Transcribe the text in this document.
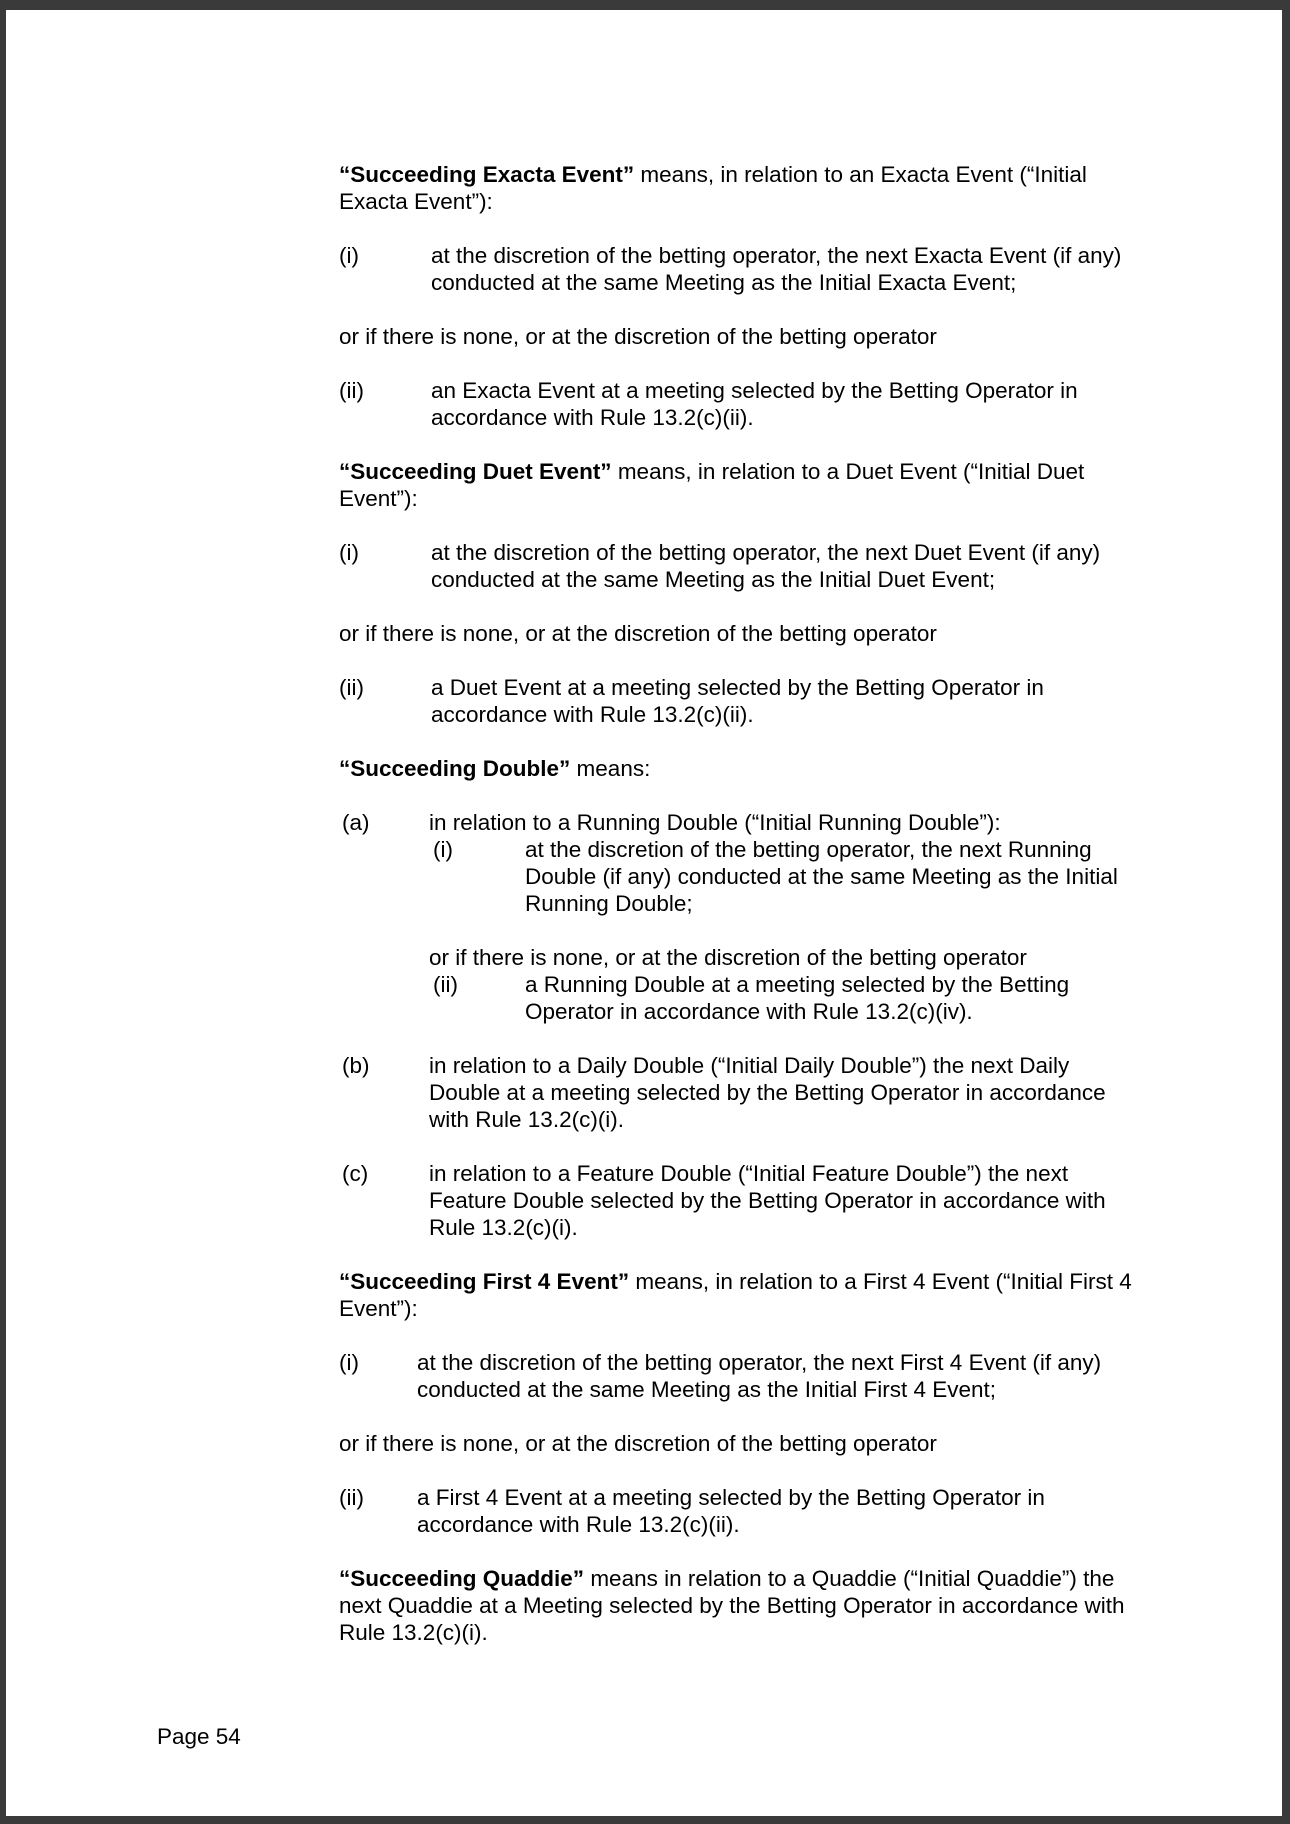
“Succeeding Exacta Event” means, in relation to an Exacta Event (“Initial Exacta Event”):

(i)	at the discretion of the betting operator, the next Exacta Event (if any) conducted at the same Meeting as the Initial Exacta Event;

or if there is none, or at the discretion of the betting operator

(ii)	an Exacta Event at a meeting selected by the Betting Operator in accordance with Rule 13.2(c)(ii).

“Succeeding Duet Event” means, in relation to a Duet Event (“Initial Duet Event”):

(i)	at the discretion of the betting operator, the next Duet Event (if any) conducted at the same Meeting as the Initial Duet Event;

or if there is none, or at the discretion of the betting operator

(ii)	a Duet Event at a meeting selected by the Betting Operator in accordance with Rule 13.2(c)(ii).

“Succeeding Double” means:

(a)	in relation to a Running Double (“Initial Running Double”):
(i)	at the discretion of the betting operator, the next Running Double (if any) conducted at the same Meeting as the Initial Running Double;
or if there is none, or at the discretion of the betting operator
(ii)	a Running Double at a meeting selected by the Betting Operator in accordance with Rule 13.2(c)(iv).
(b)	in relation to a Daily Double (“Initial Daily Double”) the next Daily Double at a meeting selected by the Betting Operator in accordance with Rule 13.2(c)(i).
(c)	in relation to a Feature Double (“Initial Feature Double”) the next Feature Double selected by the Betting Operator in accordance with Rule 13.2(c)(i).

“Succeeding First 4 Event” means, in relation to a First 4 Event (“Initial First 4 Event”):

(i)	at the discretion of the betting operator, the next First 4 Event (if any) conducted at the same Meeting as the Initial First 4 Event;

or if there is none, or at the discretion of the betting operator

(ii)	a First 4 Event at a meeting selected by the Betting Operator in accordance with Rule 13.2(c)(ii).

“Succeeding Quaddie” means in relation to a Quaddie (“Initial Quaddie”) the next Quaddie at a Meeting selected by the Betting Operator in accordance with Rule 13.2(c)(i).

Page 54
